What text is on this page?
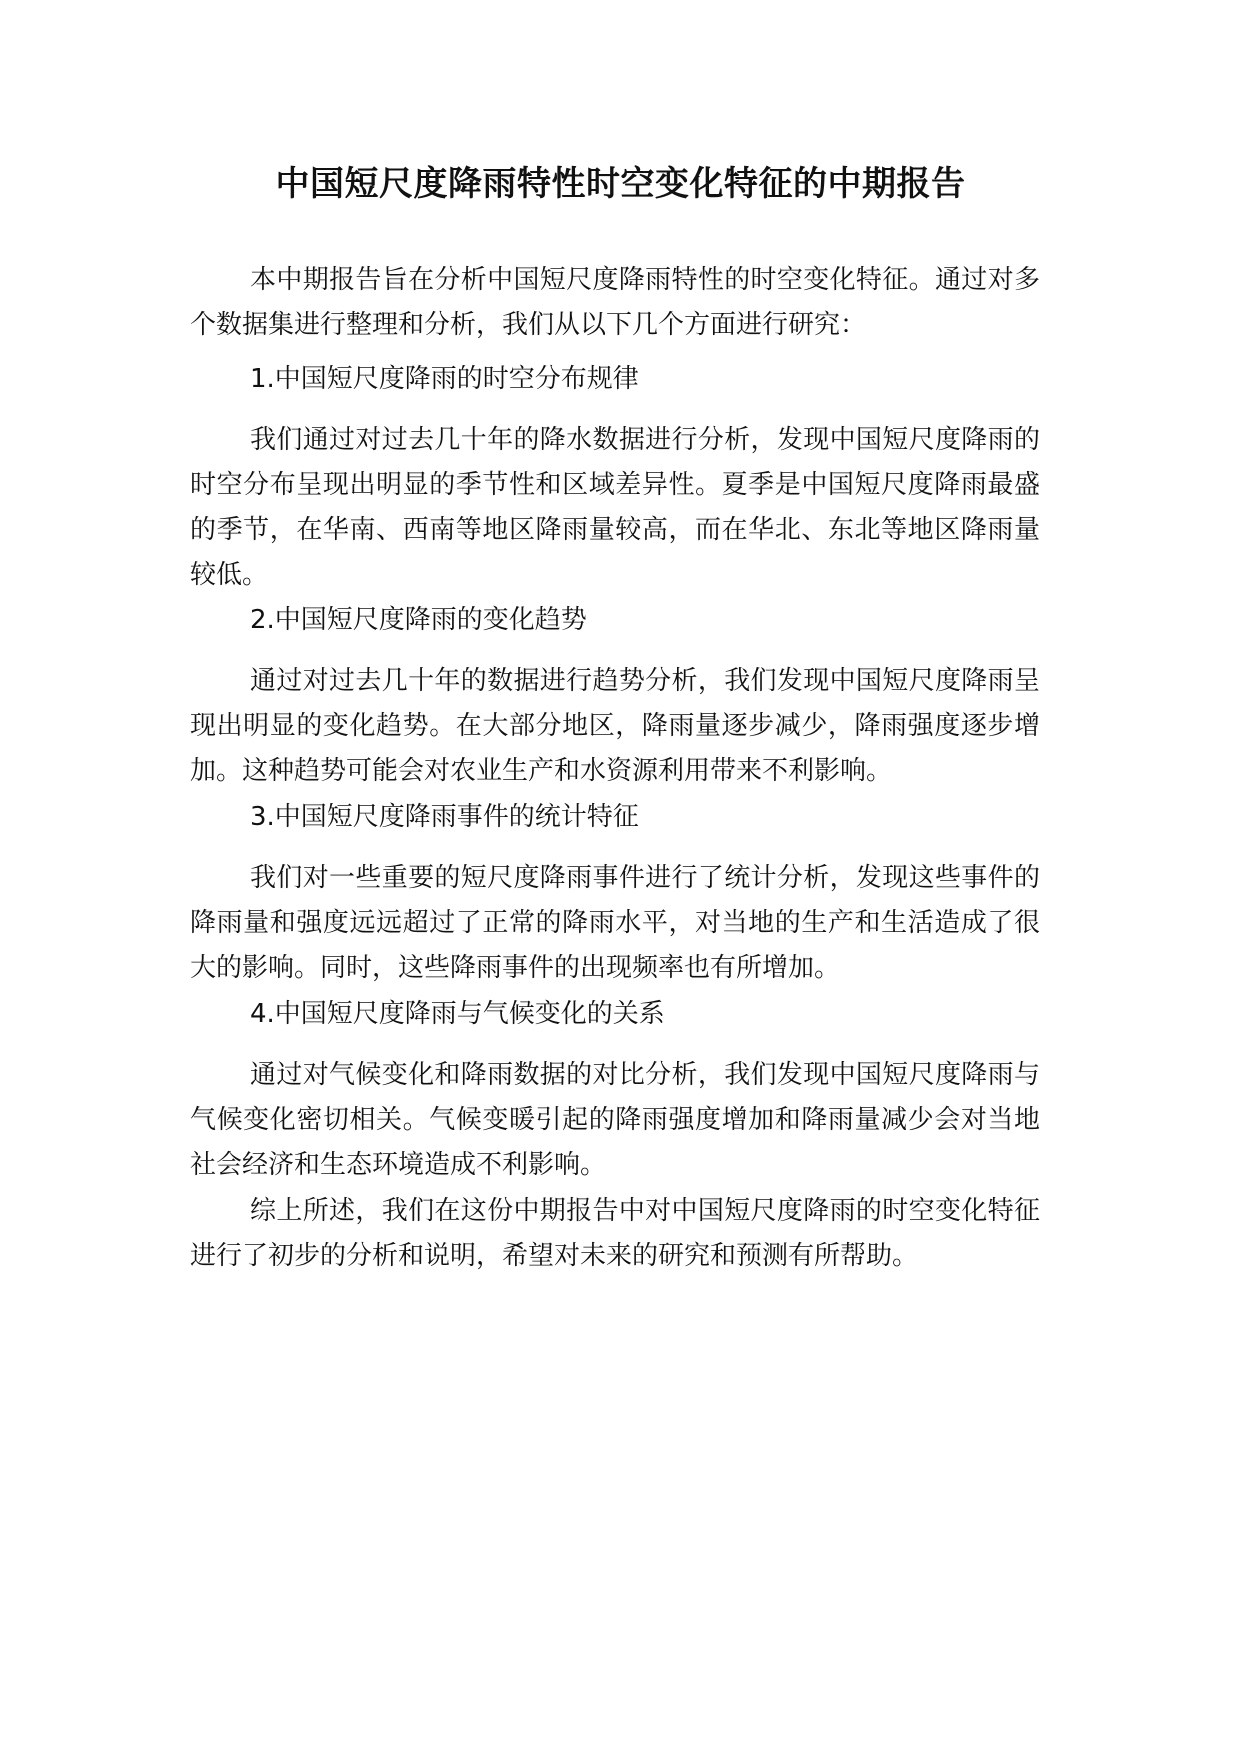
中国短尺度降雨特性时空变化特征的中期报告
本中期报告旨在分析中国短尺度降雨特性的时空变化特征。通过对多个数据集进行整理和分析，我们从以下几个方面进行研究：
1.中国短尺度降雨的时空分布规律
我们通过对过去几十年的降水数据进行分析，发现中国短尺度降雨的时空分布呈现出明显的季节性和区域差异性。夏季是中国短尺度降雨最盛的季节，在华南、西南等地区降雨量较高，而在华北、东北等地区降雨量较低。
2.中国短尺度降雨的变化趋势
通过对过去几十年的数据进行趋势分析，我们发现中国短尺度降雨呈现出明显的变化趋势。在大部分地区，降雨量逐步减少，降雨强度逐步增加。这种趋势可能会对农业生产和水资源利用带来不利影响。
3.中国短尺度降雨事件的统计特征
我们对一些重要的短尺度降雨事件进行了统计分析，发现这些事件的降雨量和强度远远超过了正常的降雨水平，对当地的生产和生活造成了很大的影响。同时，这些降雨事件的出现频率也有所增加。
4.中国短尺度降雨与气候变化的关系
通过对气候变化和降雨数据的对比分析，我们发现中国短尺度降雨与气候变化密切相关。气候变暖引起的降雨强度增加和降雨量减少会对当地社会经济和生态环境造成不利影响。
综上所述，我们在这份中期报告中对中国短尺度降雨的时空变化特征进行了初步的分析和说明，希望对未来的研究和预测有所帮助。
